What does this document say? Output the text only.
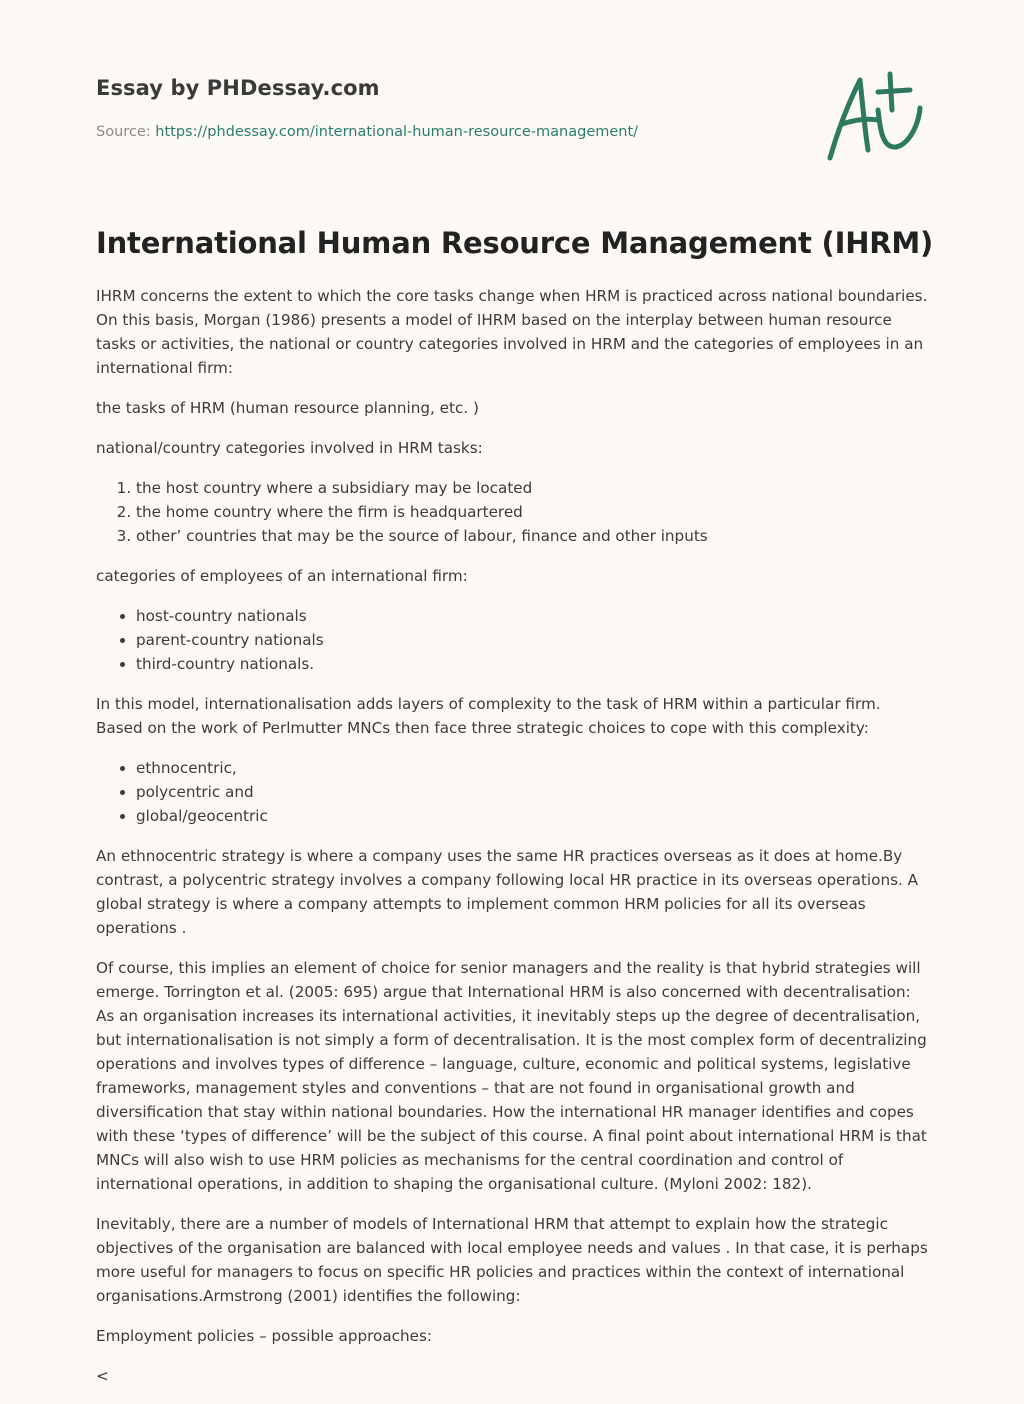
Essay by PHDessay.com
Source: https://phdessay.com/international-human-resource-management/
International Human Resource Management (IHRM)

IHRM concerns the extent to which the core tasks change when HRM is practiced across national boundaries. On this basis, Morgan (1986) presents a model of IHRM based on the interplay between human resource tasks or activities, the national or country categories involved in HRM and the categories of employees in an international firm:

the tasks of HRM (human resource planning, etc. )

national/country categories involved in HRM tasks:

1. the host country where a subsidiary may be located
2. the home country where the firm is headquartered
3. other’ countries that may be the source of labour, finance and other inputs

categories of employees of an international firm:

• host-country nationals
• parent-country nationals
• third-country nationals.

In this model, internationalisation adds layers of complexity to the task of HRM within a particular firm. Based on the work of Perlmutter MNCs then face three strategic choices to cope with this complexity:

• ethnocentric,
• polycentric and
• global/geocentric

An ethnocentric strategy is where a company uses the same HR practices overseas as it does at home.By contrast, a polycentric strategy involves a company following local HR practice in its overseas operations. A global strategy is where a company attempts to implement common HRM policies for all its overseas operations .

Of course, this implies an element of choice for senior managers and the reality is that hybrid strategies will emerge. Torrington et al. (2005: 695) argue that International HRM is also concerned with decentralisation: As an organisation increases its international activities, it inevitably steps up the degree of decentralisation, but internationalisation is not simply a form of decentralisation. It is the most complex form of decentralizing operations and involves types of difference – language, culture, economic and political systems, legislative frameworks, management styles and conventions – that are not found in organisational growth and diversification that stay within national boundaries. How the international HR manager identifies and copes with these ‘types of difference’ will be the subject of this course. A final point about international HRM is that MNCs will also wish to use HRM policies as mechanisms for the central coordination and control of international operations, in addition to shaping the organisational culture. (Myloni 2002: 182).

Inevitably, there are a number of models of International HRM that attempt to explain how the strategic objectives of the organisation are balanced with local employee needs and values . In that case, it is perhaps more useful for managers to focus on specific HR policies and practices within the context of international organisations.Armstrong (2001) identifies the following:

Employment policies – possible approaches:

<
